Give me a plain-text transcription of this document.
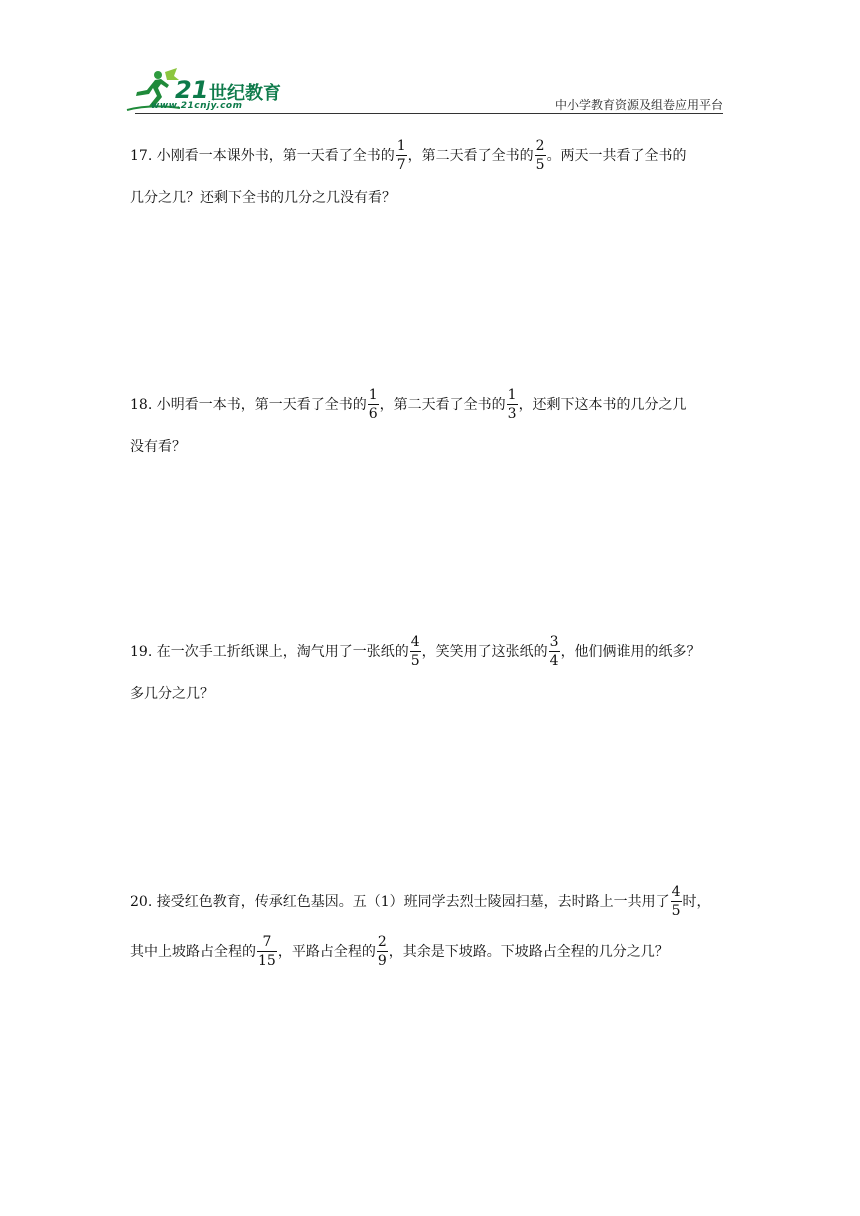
21 世纪教育
www.21cnjy.com	中小学教育资源及组卷应用平台
17. 小刚看一本课外书，第一天看了全书的 $\frac{1}{7}$ ，第二天看了全书的 $\frac{2}{5}$ 。两天一共看了全书的
几分之几？还剩下全书的几分之几没有看？
18. 小明看一本书，第一天看了全书的 $\frac{1}{6}$ ，第二天看了全书的 $\frac{1}{3}$ ，还剩下这本书的几分之几
没有看？
19. 在一次手工折纸课上，淘气用了一张纸的 $\frac{4}{5}$ ，笑笑用了这张纸的 $\frac{3}{4}$ ，他们俩谁用的纸多？
多几分之几？
20. 接受红色教育，传承红色基因。五（1）班同学去烈士陵园扫墓，去时路上一共用了 $\frac{4}{5}$ 时，
其中上坡路占全程的 $\frac{7}{15}$ ，平路占全程的 $\frac{2}{9}$ ，其余是下坡路。下坡路占全程的几分之几？
